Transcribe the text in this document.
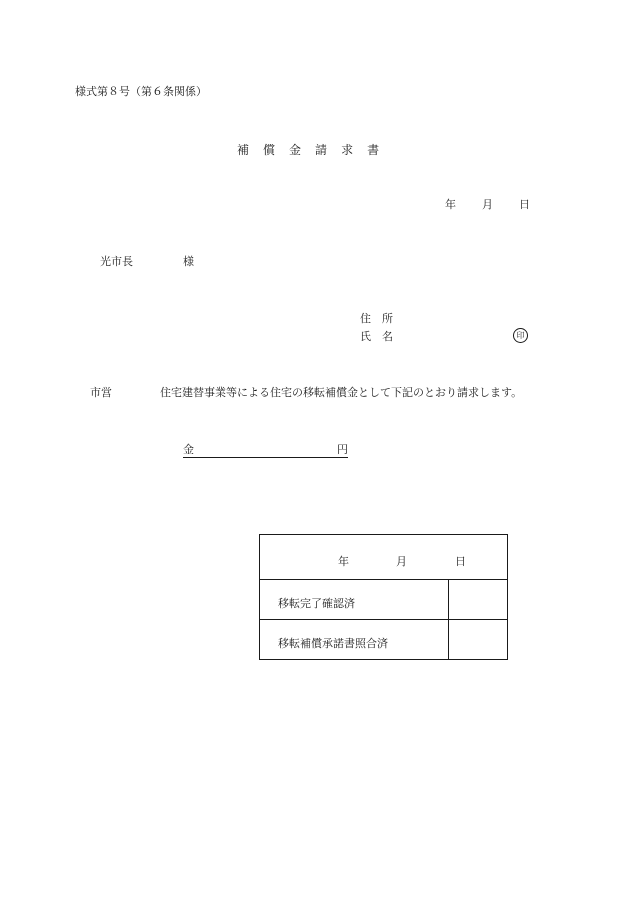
様式第８号（第６条関係）
補 償 金 請 求 書
年 月 日
光市長	様
住　所
氏　名	印
市営	住宅建替事業等による住宅の移転補償金として下記のとおり請求します。
金	円
年	月	日
移転完了確認済
移転補償承諾書照合済
